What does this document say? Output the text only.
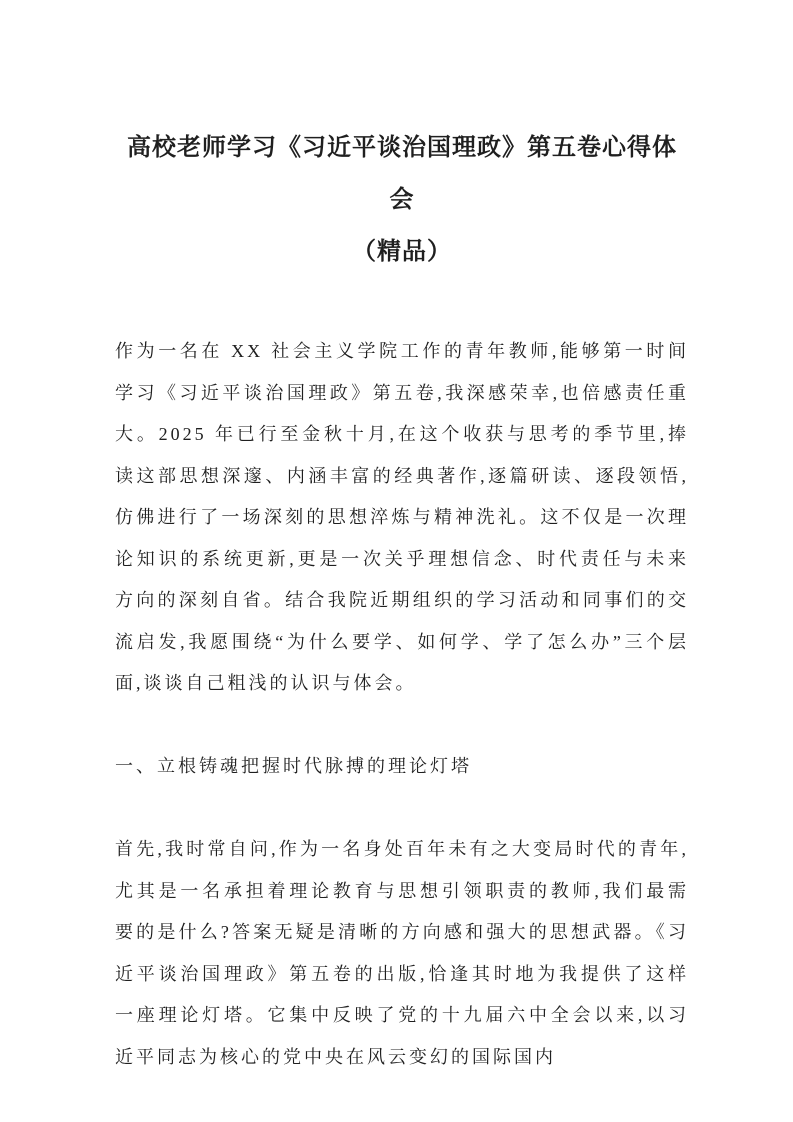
高校老师学习《习近平谈治国理政》第五卷心得体会
（精品）

作为一名在 XX 社会主义学院工作的青年教师,能够第一时间学习《习近平谈治国理政》第五卷,我深感荣幸,也倍感责任重大。2025 年已行至金秋十月,在这个收获与思考的季节里,捧读这部思想深邃、内涵丰富的经典著作,逐篇研读、逐段领悟,仿佛进行了一场深刻的思想淬炼与精神洗礼。这不仅是一次理论知识的系统更新,更是一次关乎理想信念、时代责任与未来方向的深刻自省。结合我院近期组织的学习活动和同事们的交流启发,我愿围绕“为什么要学、如何学、学了怎么办”三个层面,谈谈自己粗浅的认识与体会。

一、立根铸魂把握时代脉搏的理论灯塔

首先,我时常自问,作为一名身处百年未有之大变局时代的青年,尤其是一名承担着理论教育与思想引领职责的教师,我们最需要的是什么?答案无疑是清晰的方向感和强大的思想武器。《习近平谈治国理政》第五卷的出版,恰逢其时地为我提供了这样一座理论灯塔。它集中反映了党的十九届六中全会以来,以习近平同志为核心的党中央在风云变幻的国际国内
